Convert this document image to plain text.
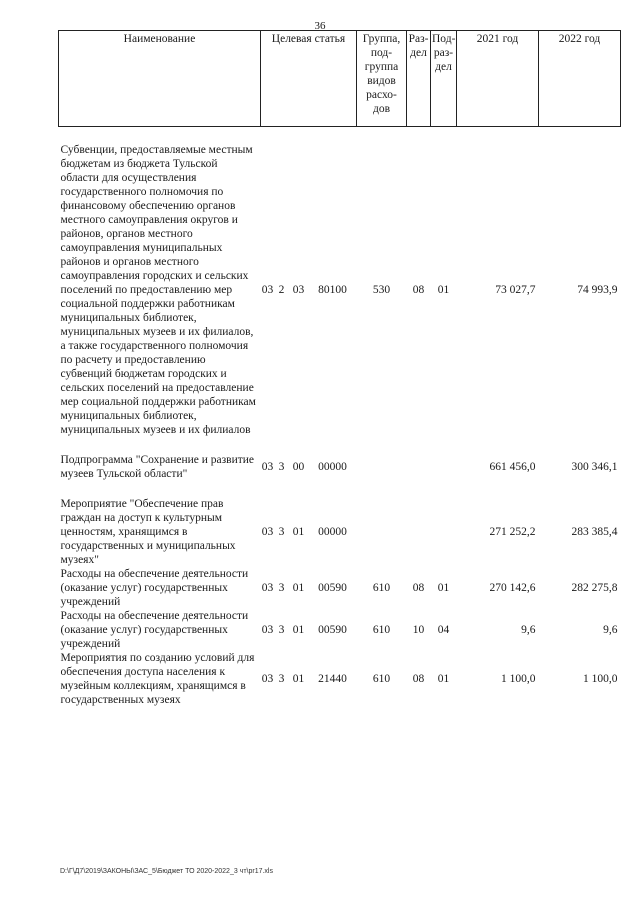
36
Наименование	Целевая статья				Группа, под- группа видов расхо- дов	Раз- дел	Под- раз- дел	2021 год	2022 год

Субвенции, предоставляемые местным бюджетам из бюджета Тульской области для осуществления государственного полномочия по финансовому обеспечению органов местного самоуправления округов и районов, органов местного самоуправления муниципальных районов и органов местного самоуправления городских и сельских поселений по предоставлению мер социальной поддержки работникам муниципальных библиотек, муниципальных музеев и их филиалов, а также государственного полномочия по расчету и предоставлению субвенций бюджетам городских и сельских поселений на предоставление мер социальной поддержки работникам муниципальных библиотек, муниципальных музеев и их филиалов	03	2	03	80100	530	08	01	73 027,7	74 993,9

Подпрограмма "Сохранение и развитие музеев Тульской области"	03	3	00	00000				661 456,0	300 346,1

Мероприятие "Обеспечение прав граждан на доступ к культурным ценностям, хранящимся в государственных и муниципальных музеях"	03	3	01	00000				271 252,2	283 385,4
Расходы на обеспечение деятельности (оказание услуг) государственных учреждений	03	3	01	00590	610	08	01	270 142,6	282 275,8
Расходы на обеспечение деятельности (оказание услуг) государственных учреждений	03	3	01	00590	610	10	04	9,6	9,6
Мероприятия по созданию условий для обеспечения доступа населения к музейным коллекциям, хранящимся в государственных музеях	03	3	01	21440	610	08	01	1 100,0	1 100,0
D:\Г\Д7\2019\ЗАКОНЫ\ЗАС_5\Бюджет ТО 2020-2022_3 чт\pr17.xls
